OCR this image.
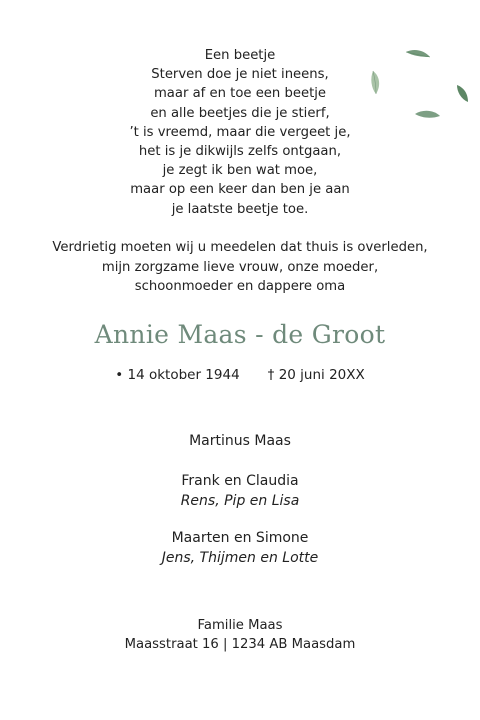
Een beetje
Sterven doe je niet ineens,
maar af en toe een beetje
en alle beetjes die je stierf,
’t is vreemd, maar die vergeet je,
het is je dikwijls zelfs ontgaan,
je zegt ik ben wat moe,
maar op een keer dan ben je aan
je laatste beetje toe.
Verdrietig moeten wij u meedelen dat thuis is overleden,
mijn zorgzame lieve vrouw, onze moeder,
schoonmoeder en dappere oma
Annie Maas - de Groot
• 14 oktober 1944 † 20 juni 20XX
Martinus Maas
Frank en Claudia
Rens, Pip en Lisa
Maarten en Simone
Jens, Thijmen en Lotte
Familie Maas
Maasstraat 16 | 1234 AB Maasdam
